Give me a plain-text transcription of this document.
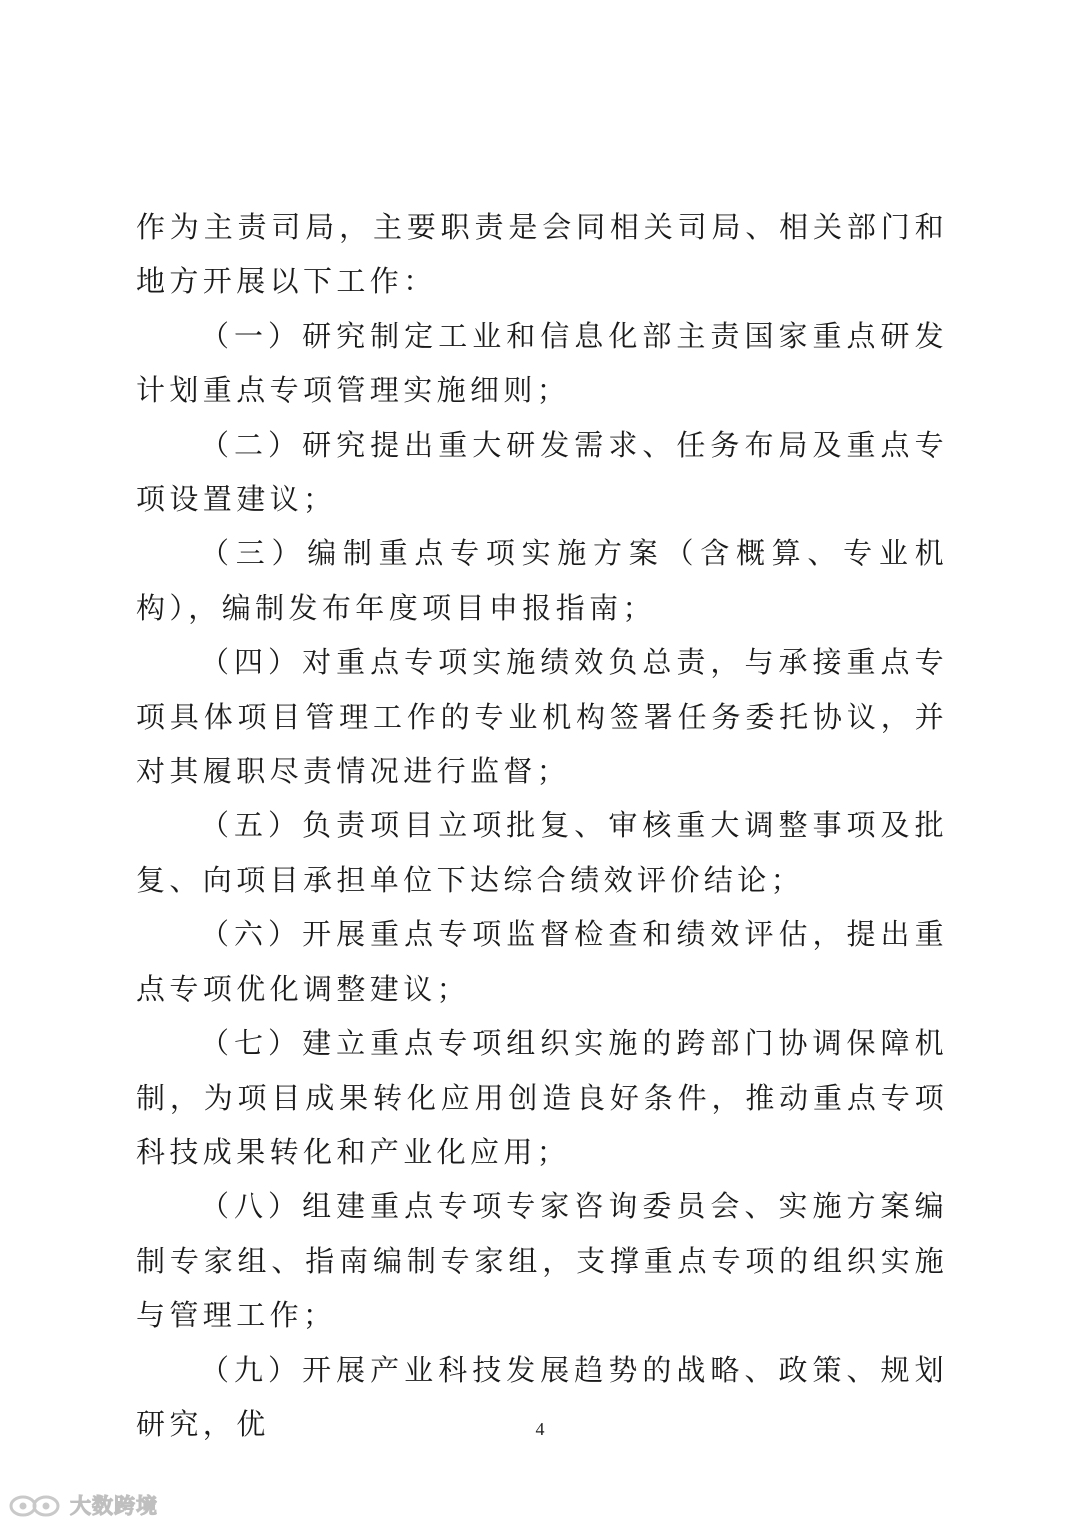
作为主责司局，主要职责是会同相关司局、相关部门和地方开展以下工作：

（一）研究制定工业和信息化部主责国家重点研发计划重点专项管理实施细则；

（二）研究提出重大研发需求、任务布局及重点专项设置建议；

（三）编制重点专项实施方案（含概算、专业机构），编制发布年度项目申报指南；

（四）对重点专项实施绩效负总责，与承接重点专项具体项目管理工作的专业机构签署任务委托协议，并对其履职尽责情况进行监督；

（五）负责项目立项批复、审核重大调整事项及批复、向项目承担单位下达综合绩效评价结论；

（六）开展重点专项监督检查和绩效评估，提出重点专项优化调整建议；

（七）建立重点专项组织实施的跨部门协调保障机制，为项目成果转化应用创造良好条件，推动重点专项科技成果转化和产业化应用；

（八）组建重点专项专家咨询委员会、实施方案编制专家组、指南编制专家组，支撑重点专项的组织实施与管理工作；

（九）开展产业科技发展趋势的战略、政策、规划研究，优	4
大数跨境
